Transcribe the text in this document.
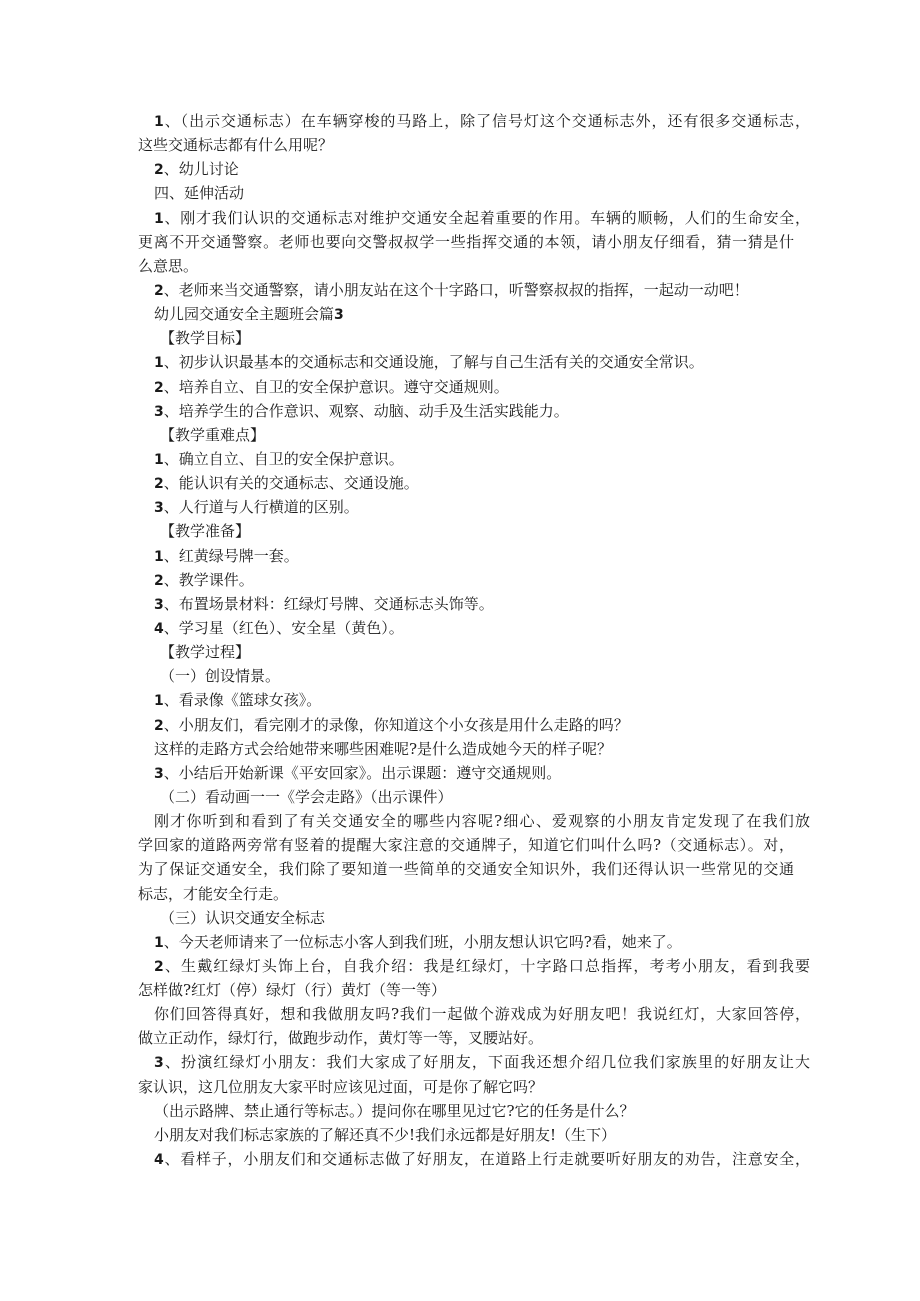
1、（出示交通标志）在车辆穿梭的马路上，除了信号灯这个交通标志外，还有很多交通标志，
这些交通标志都有什么用呢？
2、幼儿讨论
四、延伸活动
1、刚才我们认识的交通标志对维护交通安全起着重要的作用。车辆的顺畅，人们的生命安全，
更离不开交通警察。老师也要向交警叔叔学一些指挥交通的本领，请小朋友仔细看，猜一猜是什
么意思。
2、老师来当交通警察，请小朋友站在这个十字路口，听警察叔叔的指挥，一起动一动吧！
幼儿园交通安全主题班会篇3
【教学目标】
1、初步认识最基本的交通标志和交通设施，了解与自己生活有关的交通安全常识。
2、培养自立、自卫的安全保护意识。遵守交通规则。
3、培养学生的合作意识、观察、动脑、动手及生活实践能力。
【教学重难点】
1、确立自立、自卫的安全保护意识。
2、能认识有关的交通标志、交通设施。
3、人行道与人行横道的区别。
【教学准备】
1、红黄绿号牌一套。
2、教学课件。
3、布置场景材料：红绿灯号牌、交通标志头饰等。
4、学习星（红色）、安全星（黄色）。
【教学过程】
（一）创设情景。
1、看录像《篮球女孩》。
2、小朋友们，看完刚才的录像，你知道这个小女孩是用什么走路的吗？
这样的走路方式会给她带来哪些困难呢?是什么造成她今天的样子呢？
3、小结后开始新课《平安回家》。出示课题：遵守交通规则。
（二）看动画一一《学会走路》（出示课件）
刚才你听到和看到了有关交通安全的哪些内容呢?细心、爱观察的小朋友肯定发现了在我们放
学回家的道路两旁常有竖着的提醒大家注意的交通牌子，知道它们叫什么吗?（交通标志）。对，
为了保证交通安全，我们除了要知道一些简单的交通安全知识外，我们还得认识一些常见的交通
标志，才能安全行走。
（三）认识交通安全标志
1、今天老师请来了一位标志小客人到我们班，小朋友想认识它吗?看，她来了。
2、生戴红绿灯头饰上台，自我介绍：我是红绿灯，十字路口总指挥，考考小朋友，看到我要
怎样做?红灯（停）绿灯（行）黄灯（等一等）
你们回答得真好，想和我做朋友吗?我们一起做个游戏成为好朋友吧！我说红灯，大家回答停，
做立正动作，绿灯行，做跑步动作，黄灯等一等，叉腰站好。
3、扮演红绿灯小朋友：我们大家成了好朋友，下面我还想介绍几位我们家族里的好朋友让大
家认识，这几位朋友大家平时应该见过面，可是你了解它吗？
（出示路牌、禁止通行等标志。）提问你在哪里见过它?它的任务是什么？
小朋友对我们标志家族的了解还真不少!我们永远都是好朋友!（生下）
4、看样子，小朋友们和交通标志做了好朋友，在道路上行走就要听好朋友的劝告，注意安全，
